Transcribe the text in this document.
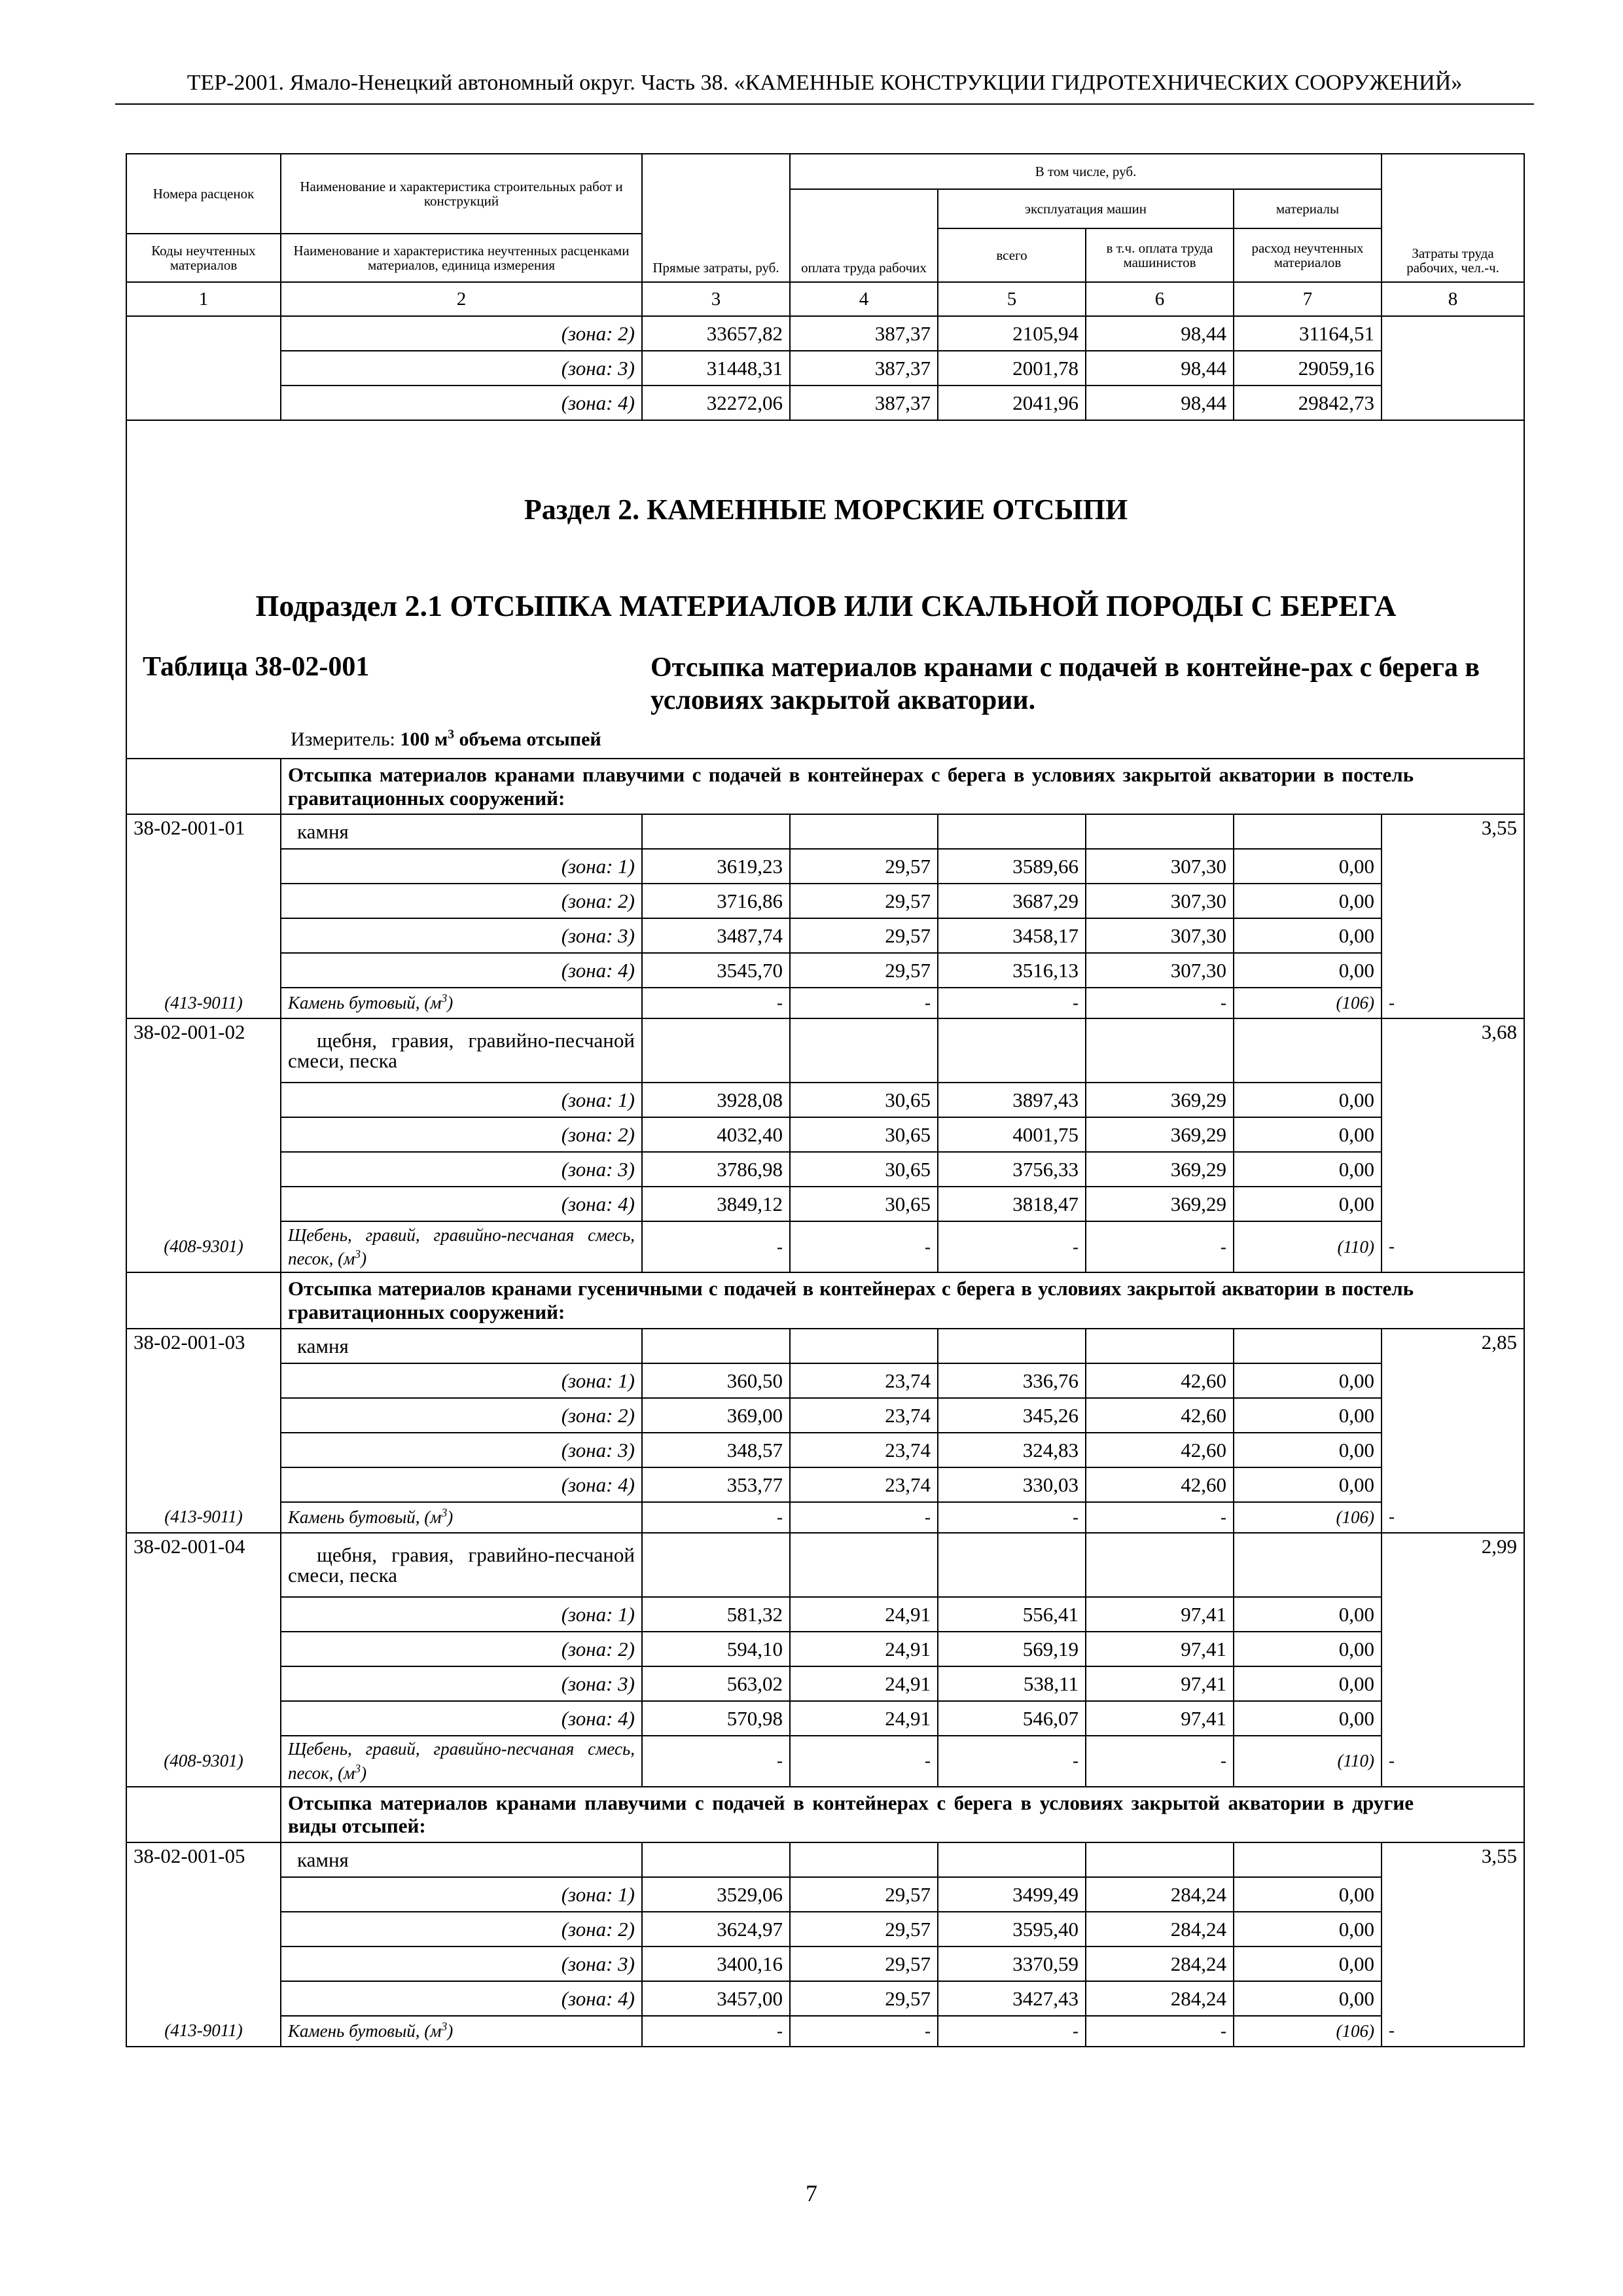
ТЕР-2001. Ямало-Ненецкий автономный округ. Часть 38. «КАМЕННЫЕ КОНСТРУКЦИИ ГИДРОТЕХНИЧЕСКИХ СООРУЖЕНИЙ»
Номера расценок	Наименование и характеристика строительных работ и конструкций	Прямые затраты, руб.	В том числе, руб.				Затраты труда рабочих, чел.-ч.
			оплата труда рабочих	эксплуатация машин		материалы	
				всего	в т.ч. оплата труда машинистов	расход неучтенных материалов	
Коды неучтенных материалов	Наименование и характеристика неучтенных расценками материалов, единица измерения						

1	2	3	4	5	6	7	8
	(зона: 2)	33657,82	387,37	2105,94	98,44	31164,51	
	(зона: 3)	31448,31	387,37	2001,78	98,44	29059,16	
	(зона: 4)	32272,06	387,37	2041,96	98,44	29842,73	

Раздел 2. КАМЕННЫЕ МОРСКИЕ ОТСЫПИ
Подраздел 2.1 ОТСЫПКА МАТЕРИАЛОВ ИЛИ СКАЛЬНОЙ ПОРОДЫ С БЕРЕГА
Таблица 38-02-001 Отсыпка материалов кранами с подачей в контейне-рах с берега в условиях закрытой акватории.
Измеритель: 100 $м^3$ объема отсыпей							

	Отсыпка материалов кранами плавучими с подачей в контейнерах с берега в условиях закрытой акватории в постель гравитационных сооружений:						
38-02-001-01	камня						3,55
	(зона: 1)	3619,23	29,57	3589,66	307,30	0,00	
	(зона: 2)	3716,86	29,57	3687,29	307,30	0,00	
	(зона: 3)	3487,74	29,57	3458,17	307,30	0,00	
	(зона: 4)	3545,70	29,57	3516,13	307,30	0,00	
(413-9011)	Камень бутовый, $(м^3)$	-	-	-	-	(106)	-
38-02-001-02	щебня, гравия, гравийно-песчаной смеси, песка						3,68
	(зона: 1)	3928,08	30,65	3897,43	369,29	0,00	
	(зона: 2)	4032,40	30,65	4001,75	369,29	0,00	
	(зона: 3)	3786,98	30,65	3756,33	369,29	0,00	
	(зона: 4)	3849,12	30,65	3818,47	369,29	0,00	
(408-9301)	Щебень, гравий, гравийно-песчаная смесь, песок, $(м^3)$	-	-	-	-	(110)	-

	Отсыпка материалов кранами гусеничными с подачей в контейнерах с берега в условиях закрытой акватории в постель гравитационных сооружений:						

38-02-001-03	камня						2,85
	(зона: 1)	360,50	23,74	336,76	42,60	0,00	
	(зона: 2)	369,00	23,74	345,26	42,60	0,00	
	(зона: 3)	348,57	23,74	324,83	42,60	0,00	
	(зона: 4)	353,77	23,74	330,03	42,60	0,00	
(413-9011)	Камень бутовый, $(м^3)$	-	-	-	-	(106)	-
38-02-001-04	щебня, гравия, гравийно-песчаной смеси, песка						2,99
	(зона: 1)	581,32	24,91	556,41	97,41	0,00	
	(зона: 2)	594,10	24,91	569,19	97,41	0,00	
	(зона: 3)	563,02	24,91	538,11	97,41	0,00	
	(зона: 4)	570,98	24,91	546,07	97,41	0,00	
(408-9301)	Щебень, гравий, гравийно-песчаная смесь, песок, $(м^3)$	-	-	-	-	(110)	-

	Отсыпка материалов кранами плавучими с подачей в контейнерах с берега в условиях закрытой акватории в другие виды отсыпей:						

38-02-001-05	камня						3,55
	(зона: 1)	3529,06	29,57	3499,49	284,24	0,00	
	(зона: 2)	3624,97	29,57	3595,40	284,24	0,00	
	(зона: 3)	3400,16	29,57	3370,59	284,24	0,00	
	(зона: 4)	3457,00	29,57	3427,43	284,24	0,00	
(413-9011)	Камень бутовый, $(м^3)$	-	-	-	-	(106)	-
7
